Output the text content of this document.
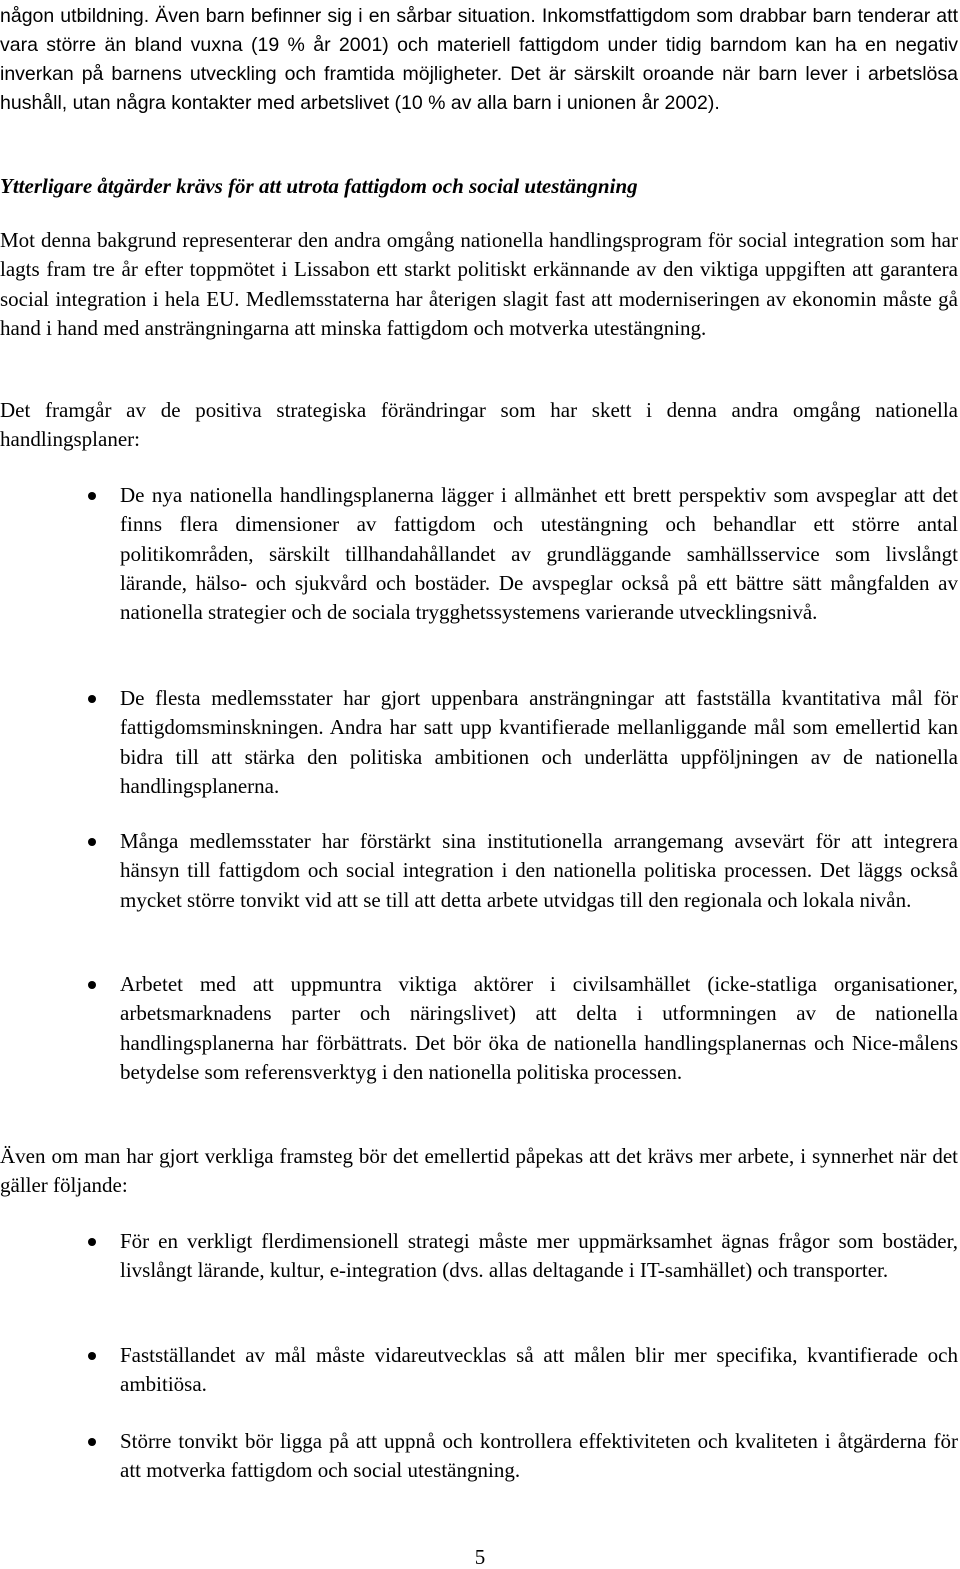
någon utbildning. Även barn befinner sig i en sårbar situation. Inkomstfattigdom som drabbar barn tenderar att vara större än bland vuxna (19 % år 2001) och materiell fattigdom under tidig barndom kan ha en negativ inverkan på barnens utveckling och framtida möjligheter. Det är särskilt oroande när barn lever i arbetslösa hushåll, utan några kontakter med arbetslivet (10 % av alla barn i unionen år 2002).

Ytterligare åtgärder krävs för att utrota fattigdom och social utestängning

Mot denna bakgrund representerar den andra omgång nationella handlingsprogram för social integration som har lagts fram tre år efter toppmötet i Lissabon ett starkt politiskt erkännande av den viktiga uppgiften att garantera social integration i hela EU. Medlemsstaterna har återigen slagit fast att moderniseringen av ekonomin måste gå hand i hand med ansträngningarna att minska fattigdom och motverka utestängning.

Det framgår av de positiva strategiska förändringar som har skett i denna andra omgång nationella handlingsplaner:

De nya nationella handlingsplanerna lägger i allmänhet ett brett perspektiv som avspeglar att det finns flera dimensioner av fattigdom och utestängning och behandlar ett större antal politikområden, särskilt tillhandahållandet av grundläggande samhällsservice som livslångt lärande, hälso- och sjukvård och bostäder. De avspeglar också på ett bättre sätt mångfalden av nationella strategier och de sociala trygghetssystemens varierande utvecklingsnivå.
De flesta medlemsstater har gjort uppenbara ansträngningar att fastställa kvantitativa mål för fattigdomsminskningen. Andra har satt upp kvantifierade mellanliggande mål som emellertid kan bidra till att stärka den politiska ambitionen och underlätta uppföljningen av de nationella handlingsplanerna.
Många medlemsstater har förstärkt sina institutionella arrangemang avsevärt för att integrera hänsyn till fattigdom och social integration i den nationella politiska processen. Det läggs också mycket större tonvikt vid att se till att detta arbete utvidgas till den regionala och lokala nivån.
Arbetet med att uppmuntra viktiga aktörer i civilsamhället (icke-statliga organisationer, arbetsmarknadens parter och näringslivet) att delta i utformningen av de nationella handlingsplanerna har förbättrats. Det bör öka de nationella handlingsplanernas och Nice-målens betydelse som referensverktyg i den nationella politiska processen.

Även om man har gjort verkliga framsteg bör det emellertid påpekas att det krävs mer arbete, i synnerhet när det gäller följande:

För en verkligt flerdimensionell strategi måste mer uppmärksamhet ägnas frågor som bostäder, livslångt lärande, kultur, e-integration (dvs. allas deltagande i IT-samhället) och transporter.
Fastställandet av mål måste vidareutvecklas så att målen blir mer specifika, kvantifierade och ambitiösa.
Större tonvikt bör ligga på att uppnå och kontrollera effektiviteten och kvaliteten i åtgärderna för att motverka fattigdom och social utestängning.
5
